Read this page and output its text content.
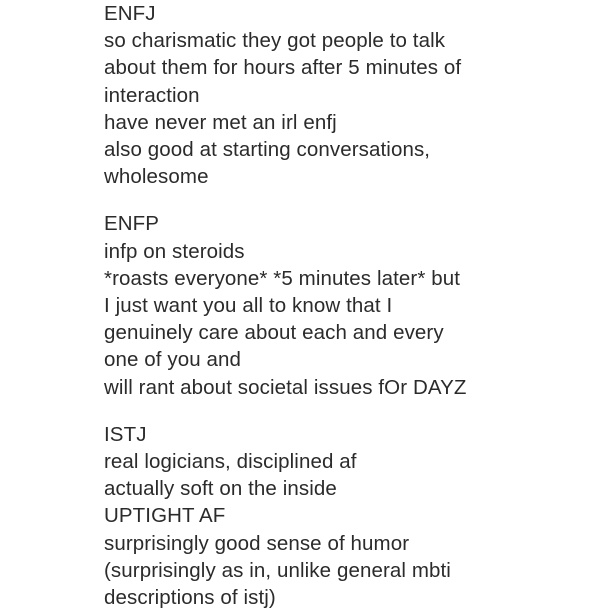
ENFJ
so charismatic they got people to talk
about them for hours after 5 minutes of
interaction
have never met an irl enfj
also good at starting conversations,
wholesome
ENFP
infp on steroids
*roasts everyone* *5 minutes later* but
I just want you all to know that I
genuinely care about each and every
one of you and
will rant about societal issues fOr DAYZ
ISTJ
real logicians, disciplined af
actually soft on the inside
UPTIGHT AF
surprisingly good sense of humor
(surprisingly as in, unlike general mbti
descriptions of istj)
